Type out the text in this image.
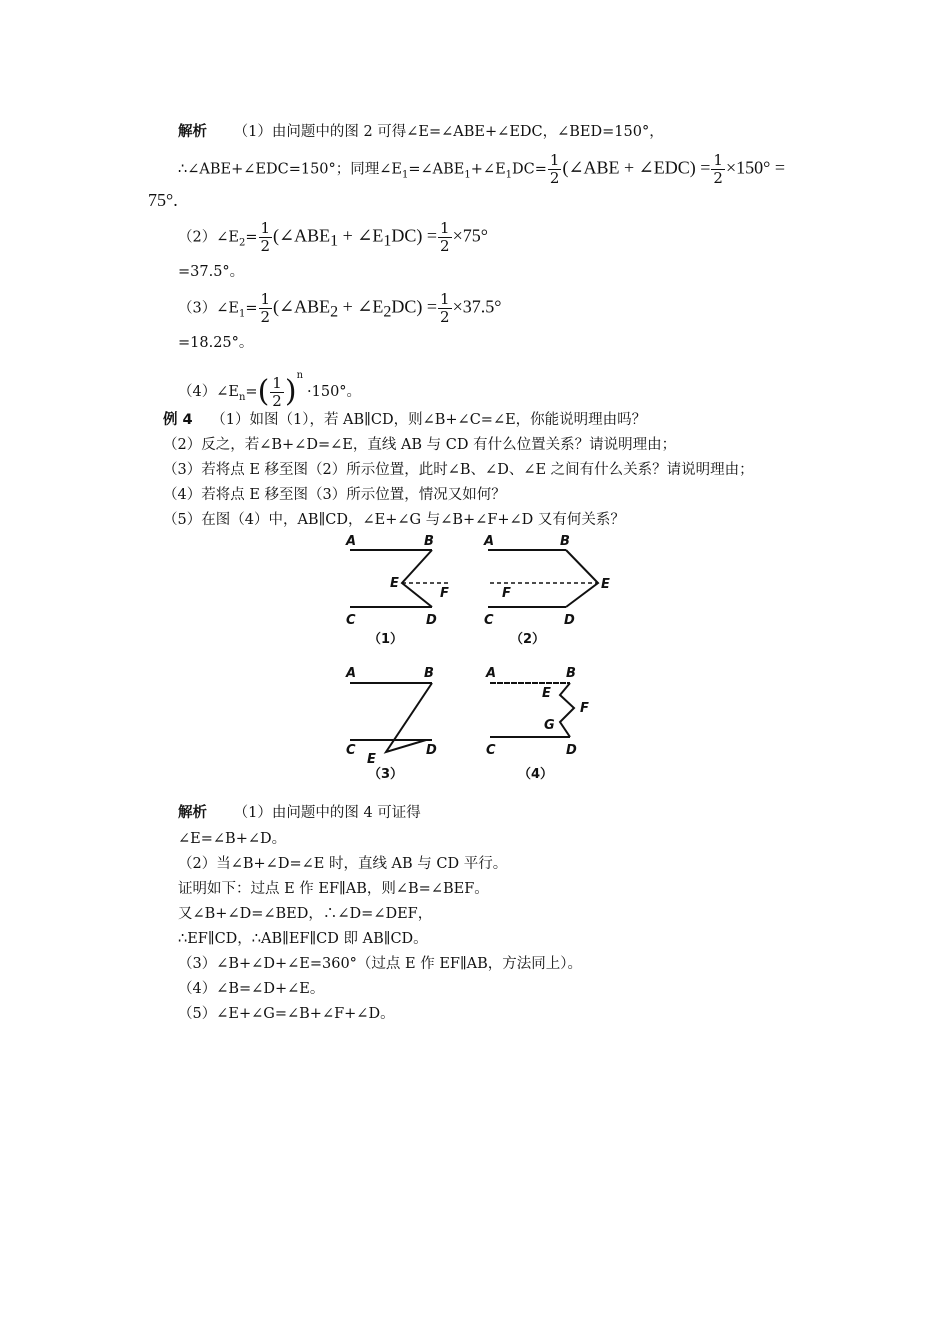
解析 （1）由问题中的图 2 可得∠E=∠ABE+∠EDC，∠BED=150°，
∴∠ABE+∠EDC=150°；同理$\angle E_1=\angle ABE_1+\angle E_1DC= \frac{1}{2}$ (∠ABE + ∠EDC) = $\frac{1}{2} \times 150^\circ$ =
75°.
$(2)\angle E_2= \frac{1}{2}$ ($\angle ABE_1$ + $\angle E_1DC) = \frac{1}{2} \times 75^\circ$
=37.5°。
$(3)\angle E_1= \frac{1}{2}$ ($\angle ABE_2$ + $\angle E_2DC) = \frac{1}{2} \times 37.5^\circ$
=18.25°。
$(4)\angle E_n=( \frac{1}{2} )^n\cdot 150^\circ$。
例 4 （1）如图（1），若 AB∥CD，则∠B+∠C=∠E，你能说明理由吗？
（2）反之，若∠B+∠D=∠E，直线 AB 与 CD 有什么位置关系？请说明理由；
（3）若将点 E 移至图（2）所示位置，此时∠B、∠D、∠E 之间有什么关系？请说明理由；
（4）若将点 E 移至图（3）所示位置，情况又如何？
（5）在图（4）中，AB∥CD，∠E+∠G 与∠B+∠F+∠D 又有何关系？
A	B
E
F
C	D
（1）
A	B
E
F
C	D
（2）
A	B
C	D
E
（3）
A	B
E
F
G
C	D
（4）
解析 （1）由问题中的图 4 可证得
∠E=∠B+∠D。
（2）当∠B+∠D=∠E 时，直线 AB 与 CD 平行。
证明如下：过点 E 作 EF∥AB，则∠B=∠BEF。
又∠B+∠D=∠BED，∴∠D=∠DEF，
∴EF∥CD，∴AB∥EF∥CD 即 AB∥CD。
（3）∠B+∠D+∠E=360°（过点 E 作 EF∥AB，方法同上）。
（4）∠B=∠D+∠E。
（5）∠E+∠G=∠B+∠F+∠D。
